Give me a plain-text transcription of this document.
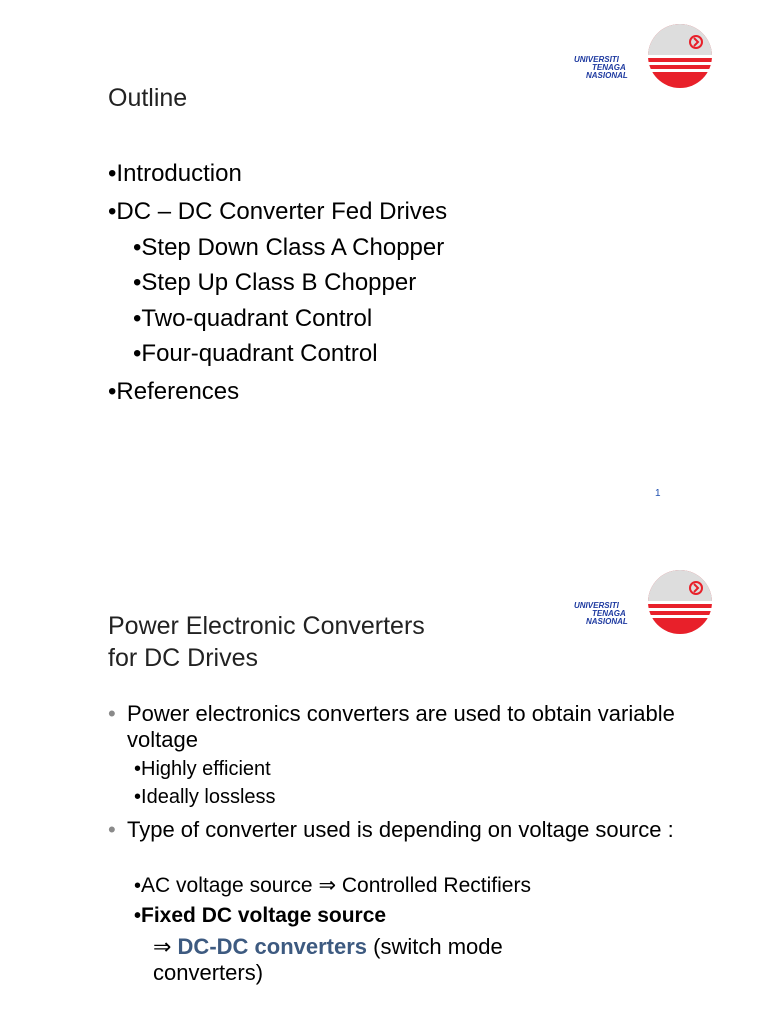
UNIVERSITI
TENAGA
NASIONAL
Outline
•Introduction
•DC – DC Converter Fed Drives
•Step Down Class A Chopper
•Step Up Class B Chopper
•Two-quadrant Control
•Four-quadrant Control
•References
1
UNIVERSITI
TENAGA
NASIONAL
Power Electronic Converters
for DC Drives
• Power electronics converters are used to obtain variable voltage
•Highly efficient
•Ideally lossless
• Type of converter used is depending on voltage source :
•AC voltage source ⇒ Controlled Rectifiers
•Fixed DC voltage source
⇒ DC-DC converters (switch mode
converters)
